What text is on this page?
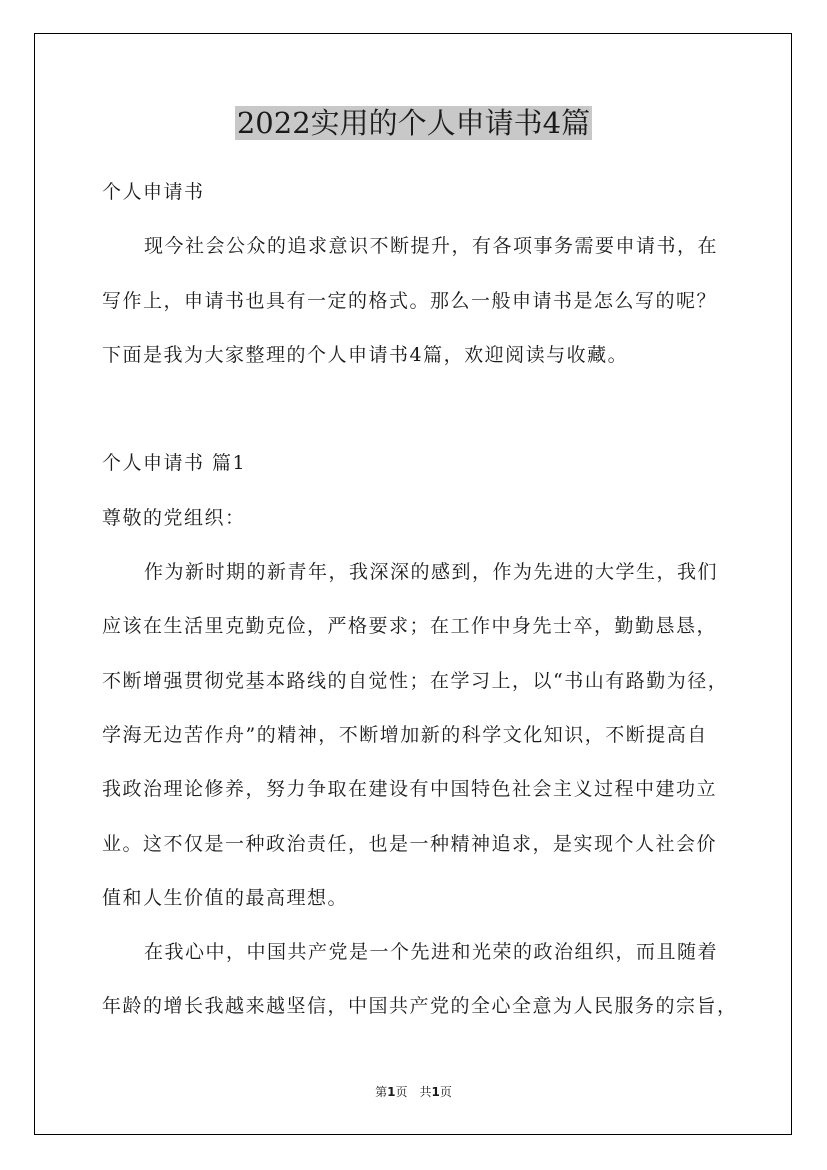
2022实用的个人申请书4篇
个人申请书
现今社会公众的追求意识不断提升，有各项事务需要申请书，在
写作上，申请书也具有一定的格式。那么一般申请书是怎么写的呢？
下面是我为大家整理的个人申请书4篇，欢迎阅读与收藏。
个人申请书 篇1
尊敬的党组织：
作为新时期的新青年，我深深的感到，作为先进的大学生，我们
应该在生活里克勤克俭，严格要求；在工作中身先士卒，勤勤恳恳，
不断增强贯彻党基本路线的自觉性；在学习上，以“书山有路勤为径，
学海无边苦作舟”的精神，不断增加新的科学文化知识，不断提高自
我政治理论修养，努力争取在建设有中国特色社会主义过程中建功立
业。这不仅是一种政治责任，也是一种精神追求，是实现个人社会价
值和人生价值的最高理想。
在我心中，中国共产党是一个先进和光荣的政治组织，而且随着
年龄的增长我越来越坚信，中国共产党的全心全意为人民服务的宗旨，
第1页　共1页
